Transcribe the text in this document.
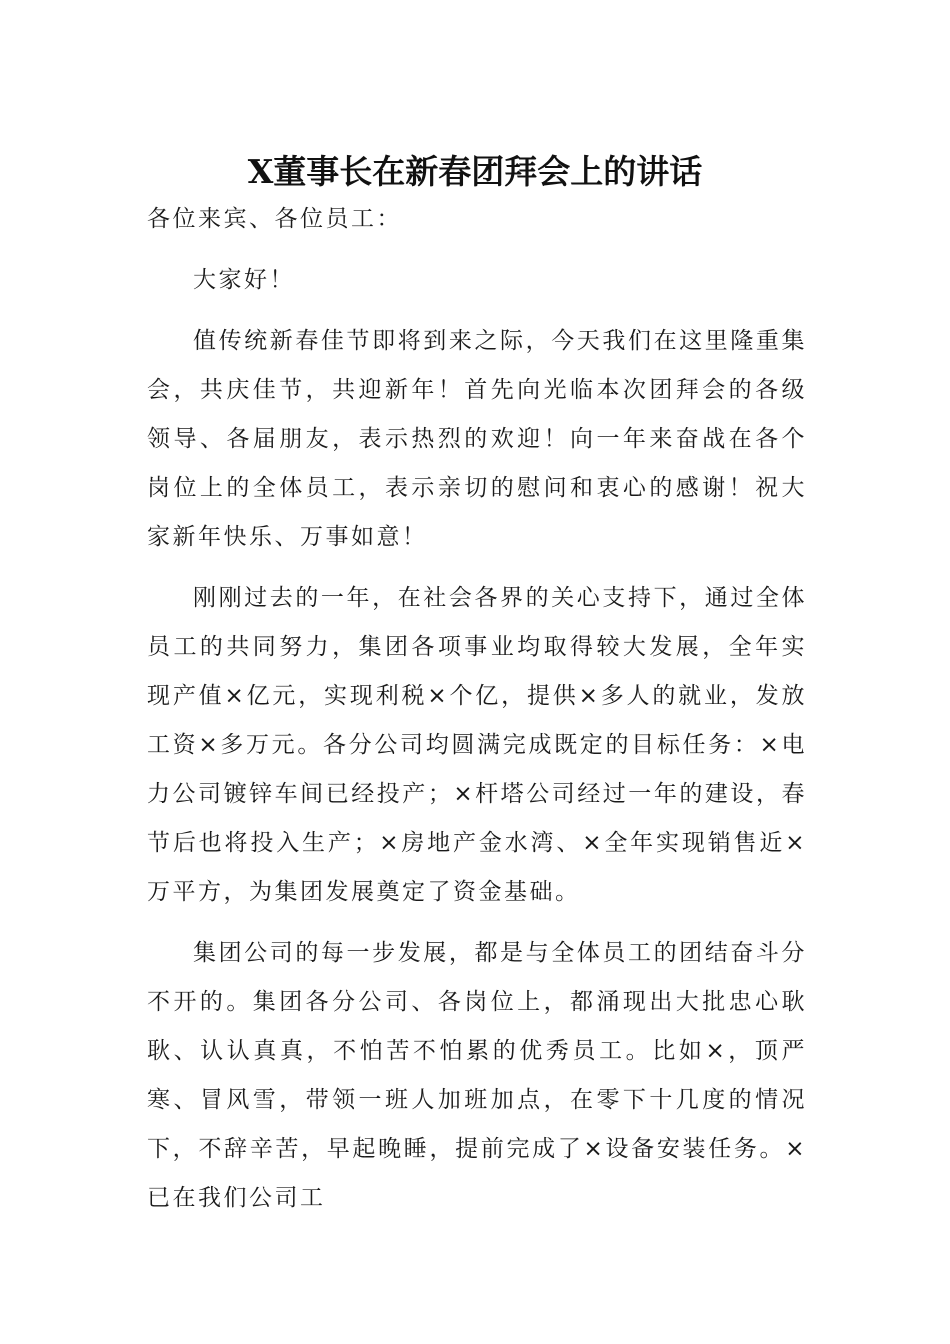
X董事长在新春团拜会上的讲话

各位来宾、各位员工：

大家好！

值传统新春佳节即将到来之际，今天我们在这里隆重集会，共庆佳节，共迎新年！首先向光临本次团拜会的各级领导、各届朋友，表示热烈的欢迎！向一年来奋战在各个岗位上的全体员工，表示亲切的慰问和衷心的感谢！祝大家新年快乐、万事如意！

刚刚过去的一年，在社会各界的关心支持下，通过全体员工的共同努力，集团各项事业均取得较大发展，全年实现产值×亿元，实现利税×个亿，提供×多人的就业，发放工资×多万元。各分公司均圆满完成既定的目标任务：×电力公司镀锌车间已经投产；×杆塔公司经过一年的建设，春节后也将投入生产；×房地产金水湾、×全年实现销售近×万平方，为集团发展奠定了资金基础。

集团公司的每一步发展，都是与全体员工的团结奋斗分不开的。集团各分公司、各岗位上，都涌现出大批忠心耿耿、认认真真，不怕苦不怕累的优秀员工。比如×，顶严寒、冒风雪，带领一班人加班加点，在零下十几度的情况下，不辞辛苦，早起晚睡，提前完成了×设备安装任务。×已在我们公司工
